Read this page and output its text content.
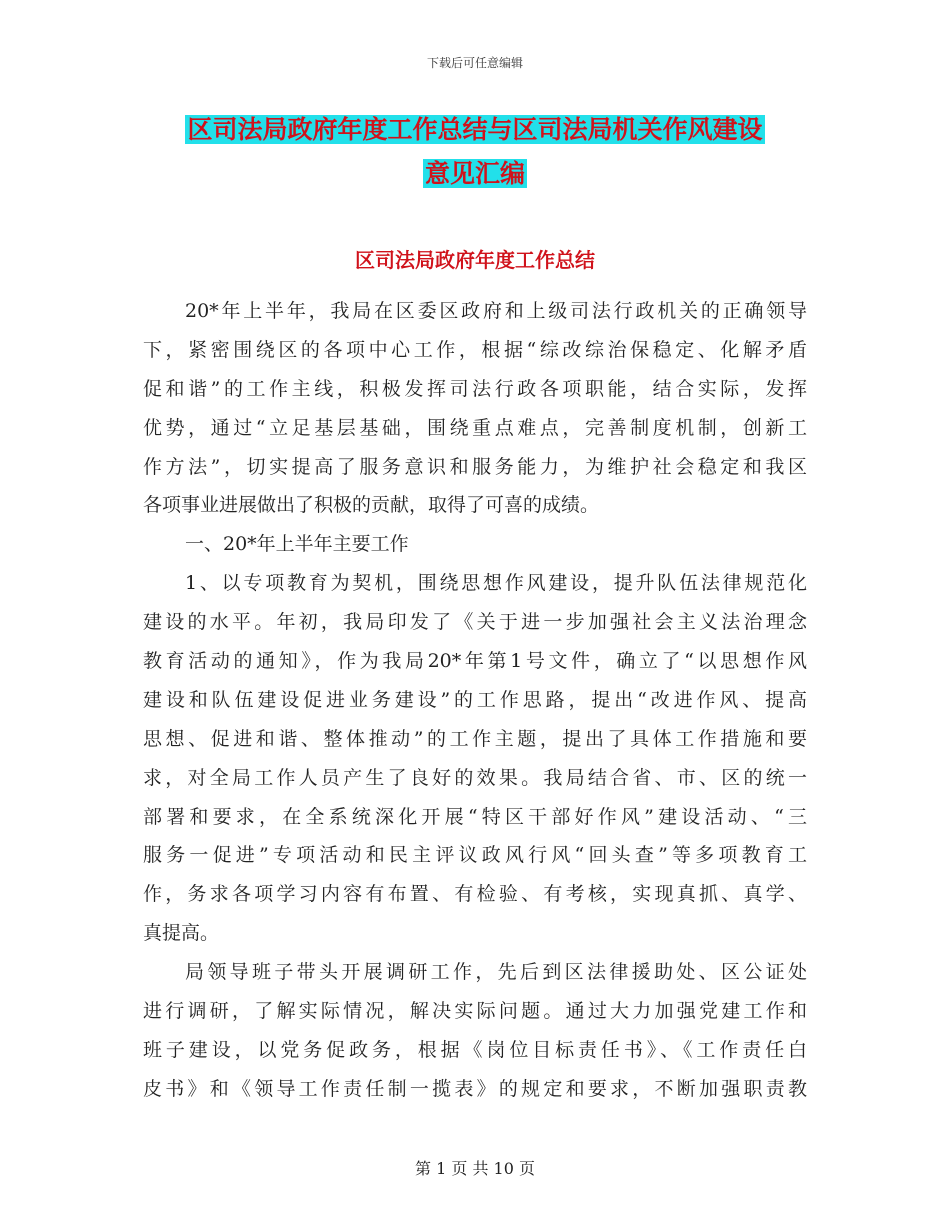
下载后可任意编辑
区司法局政府年度工作总结与区司法局机关作风建设
意见汇编
区司法局政府年度工作总结
20*年上半年，我局在区委区政府和上级司法行政机关的正确领导
下，紧密围绕区的各项中心工作，根据“综改综治保稳定、化解矛盾
促和谐”的工作主线，积极发挥司法行政各项职能，结合实际，发挥
优势，通过“立足基层基础，围绕重点难点，完善制度机制，创新工
作方法”，切实提高了服务意识和服务能力，为维护社会稳定和我区
各项事业进展做出了积极的贡献，取得了可喜的成绩。
一、20*年上半年主要工作
1、以专项教育为契机，围绕思想作风建设，提升队伍法律规范化
建设的水平。年初，我局印发了《关于进一步加强社会主义法治理念
教育活动的通知》，作为我局20*年第1号文件，确立了“以思想作风
建设和队伍建设促进业务建设”的工作思路，提出“改进作风、提高
思想、促进和谐、整体推动”的工作主题，提出了具体工作措施和要
求，对全局工作人员产生了良好的效果。我局结合省、市、区的统一
部署和要求，在全系统深化开展“特区干部好作风”建设活动、“三
服务一促进”专项活动和民主评议政风行风“回头查”等多项教育工
作，务求各项学习内容有布置、有检验、有考核，实现真抓、真学、
真提高。
局领导班子带头开展调研工作，先后到区法律援助处、区公证处
进行调研，了解实际情况，解决实际问题。通过大力加强党建工作和
班子建设，以党务促政务，根据《岗位目标责任书》、《工作责任白
皮书》和《领导工作责任制一揽表》的规定和要求，不断加强职责教
第 1 页 共 10 页
